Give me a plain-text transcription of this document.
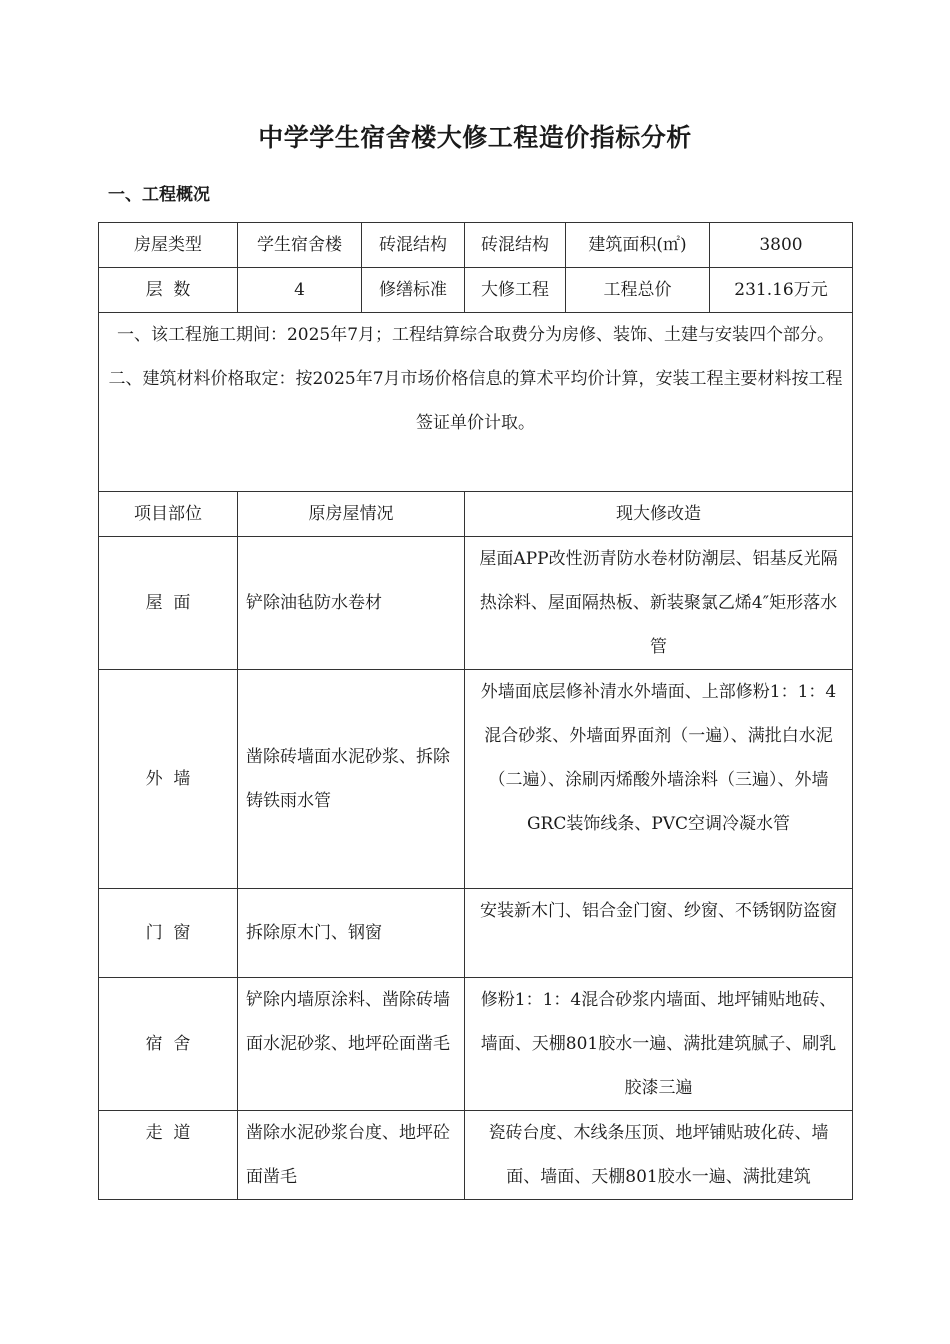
中学学生宿舍楼大修工程造价指标分析
一、工程概况
房屋类型	学生宿舍楼	砖混结构	砖混结构	建筑面积(㎡)	3800
层  数	4	修缮标准	大修工程	工程总价	231.16万元

一、该工程施工期间：2025年7月；工程结算综合取费分为房修、装饰、土建与安装四个部分。

二、建筑材料价格取定：按2025年7月市场价格信息的算术平均价计算，安装工程主要材料按工程签证单价计取。					

项目部位	原房屋情况		现大修改造		
屋  面	铲除油毡防水卷材		屋面APP改性沥青防水卷材防潮层、铝基反光隔热涂料、屋面隔热板、新装聚氯乙烯4″矩形落水管		
外  墙	凿除砖墙面水泥砂浆、拆除铸铁雨水管		外墙面底层修补清水外墙面、上部修粉1：1：4混合砂浆、外墙面界面剂（一遍）、满批白水泥（二遍）、涂刷丙烯酸外墙涂料（三遍）、外墙GRC装饰线条、PVC空调冷凝水管		
门  窗	拆除原木门、钢窗		安装新木门、铝合金门窗、纱窗、不锈钢防盗窗		
宿  舍	铲除内墙原涂料、凿除砖墙面水泥砂浆、地坪砼面凿毛		修粉1：1：4混合砂浆内墙面、地坪铺贴地砖、墙面、天棚801胶水一遍、满批建筑腻子、刷乳胶漆三遍		
走  道	凿除水泥砂浆台度、地坪砼面凿毛		瓷砖台度、木线条压顶、地坪铺贴玻化砖、墙面、墙面、天棚801胶水一遍、满批建筑		
